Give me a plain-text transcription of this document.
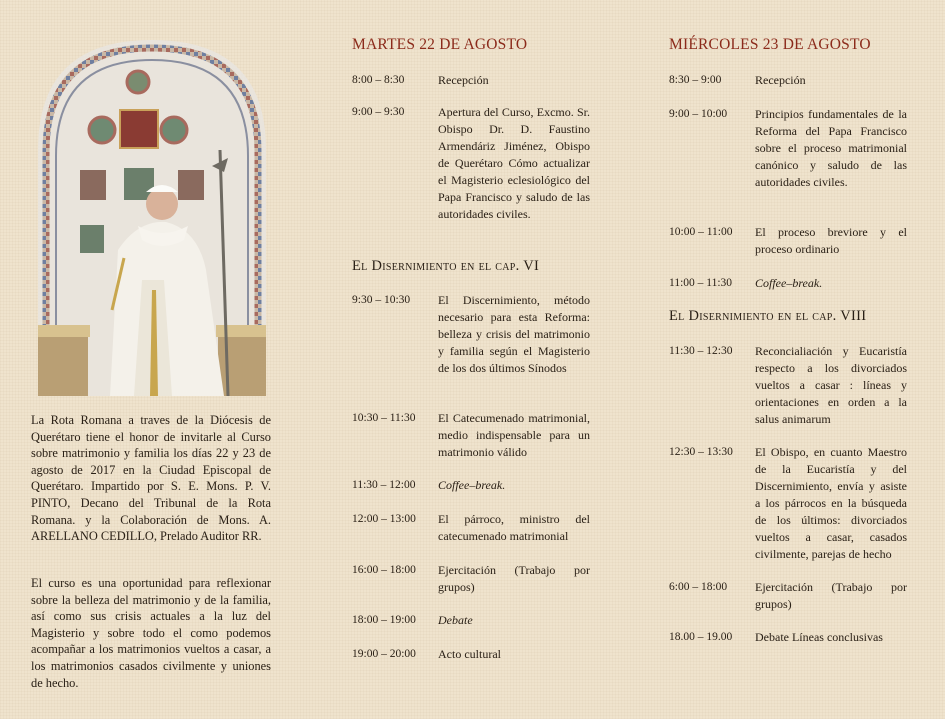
La Rota Romana a traves de la Diócesis de Querétaro tiene el honor de invitarle al Curso sobre matrimonio y familia los días 22 y 23 de agosto de 2017 en la Ciudad Episcopal de Querétaro. Impartido por S. E. Mons. P. V. PINTO, Decano del Tribunal de la Rota Romana. y la Colaboración de Mons. A. ARELLANO CEDILLO, Prelado Auditor RR.

El curso es una oportunidad para reflexionar sobre la belleza del matrimonio y de la familia, así como sus crisis actuales a la luz del Magisterio y sobre todo el como podemos acompañar a los matrimonios vueltos a casar, a los matrimonios casados civilmente y uniones de hecho.

MARTES 22 DE AGOSTO
8:00 – 8:30	Recepción
9:00 – 9:30	Apertura del Curso, Excmo. Sr. Obispo Dr. D. Faustino Armendáriz Jiménez, Obispo de Querétaro Cómo actualizar el Magisterio eclesiológico del Papa Francisco y saludo de las autoridades civiles.
El Disernimiento en el cap. VI
9:30 – 10:30	El Discernimiento, método necesario para esta Reforma: belleza y crisis del matrimonio y familia según el Magisterio de los dos últimos Sínodos
10:30 – 11:30	El Catecumenado matrimonial, medio indispensable para un matrimonio válido
11:30 – 12:00	Coffee–break.
12:00 – 13:00	El párroco, ministro del catecumenado matrimonial
16:00 – 18:00	Ejercitación (Trabajo por grupos)
18:00 – 19:00	Debate
19:00 – 20:00	Acto cultural
MIÉRCOLES 23 DE AGOSTO
8:30 – 9:00	Recepción
9:00 – 10:00	Principios fundamentales de la Reforma del Papa Francisco sobre el proceso matrimonial canónico y saludo de las autoridades civiles.
10:00 – 11:00	El proceso breviore y el proceso ordinario
11:00 – 11:30	Coffee–break.
El Disernimiento en el cap. VIII
11:30 – 12:30	Reconcialiación y Eucaristía respecto a los divorciados vueltos a casar : líneas y orientaciones en orden a la salus animarum
12:30 – 13:30	El Obispo, en cuanto Maestro de la Eucaristía y del Discernimiento, envía y asiste a los párrocos en la búsqueda de los últimos: divorciados vueltos a casar, casados civilmente, parejas de hecho
6:00 – 18:00	Ejercitación (Trabajo por grupos)
18.00 – 19.00	Debate Líneas conclusivas
